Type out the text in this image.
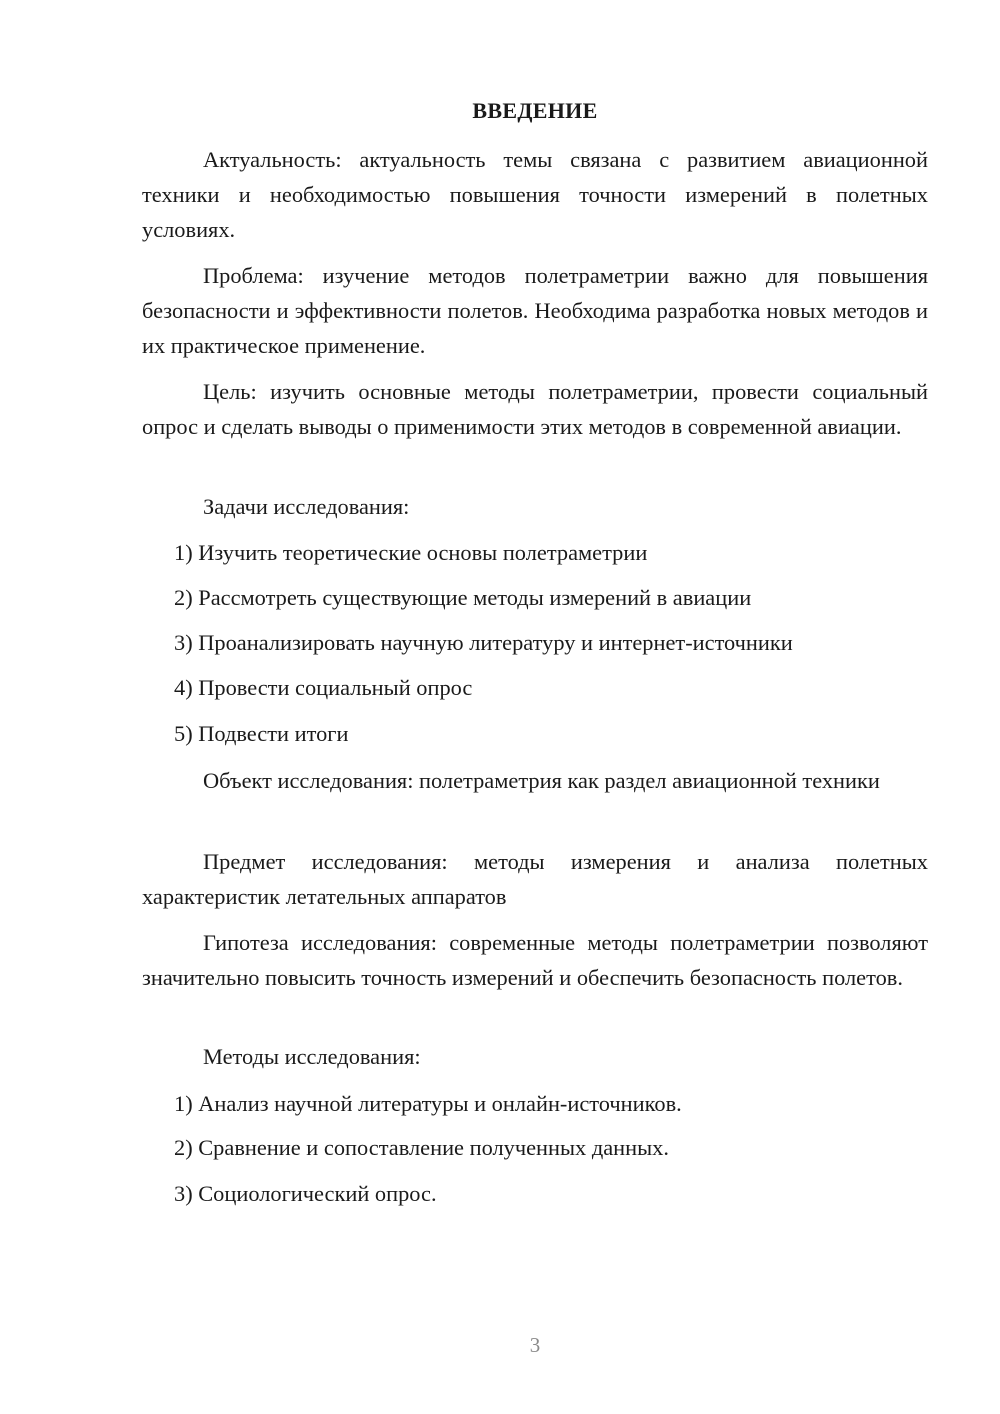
ВВЕДЕНИЕ

Актуальность: актуальность темы связана с развитием авиационной техники и необходимостью повышения точности измерений в полетных условиях.

Проблема: изучение методов полетраметрии важно для повышения безопасности и эффективности полетов. Необходима разработка новых методов и их практическое применение.

Цель: изучить основные методы полетраметрии, провести социальный опрос и сделать выводы о применимости этих методов в современной авиации.

Задачи исследования:

1) Изучить теоретические основы полетраметрии

2) Рассмотреть существующие методы измерений в авиации

3) Проанализировать научную литературу и интернет-источники

4) Провести социальный опрос

5) Подвести итоги

Объект исследования: полетраметрия как раздел авиационной техники

Предмет исследования: методы измерения и анализа полетных характеристик летательных аппаратов

Гипотеза исследования: современные методы полетраметрии позволяют значительно повысить точность измерений и обеспечить безопасность полетов.

Методы исследования:

1) Анализ научной литературы и онлайн-источников.

2) Сравнение и сопоставление полученных данных.

3) Социологический опрос.

3
